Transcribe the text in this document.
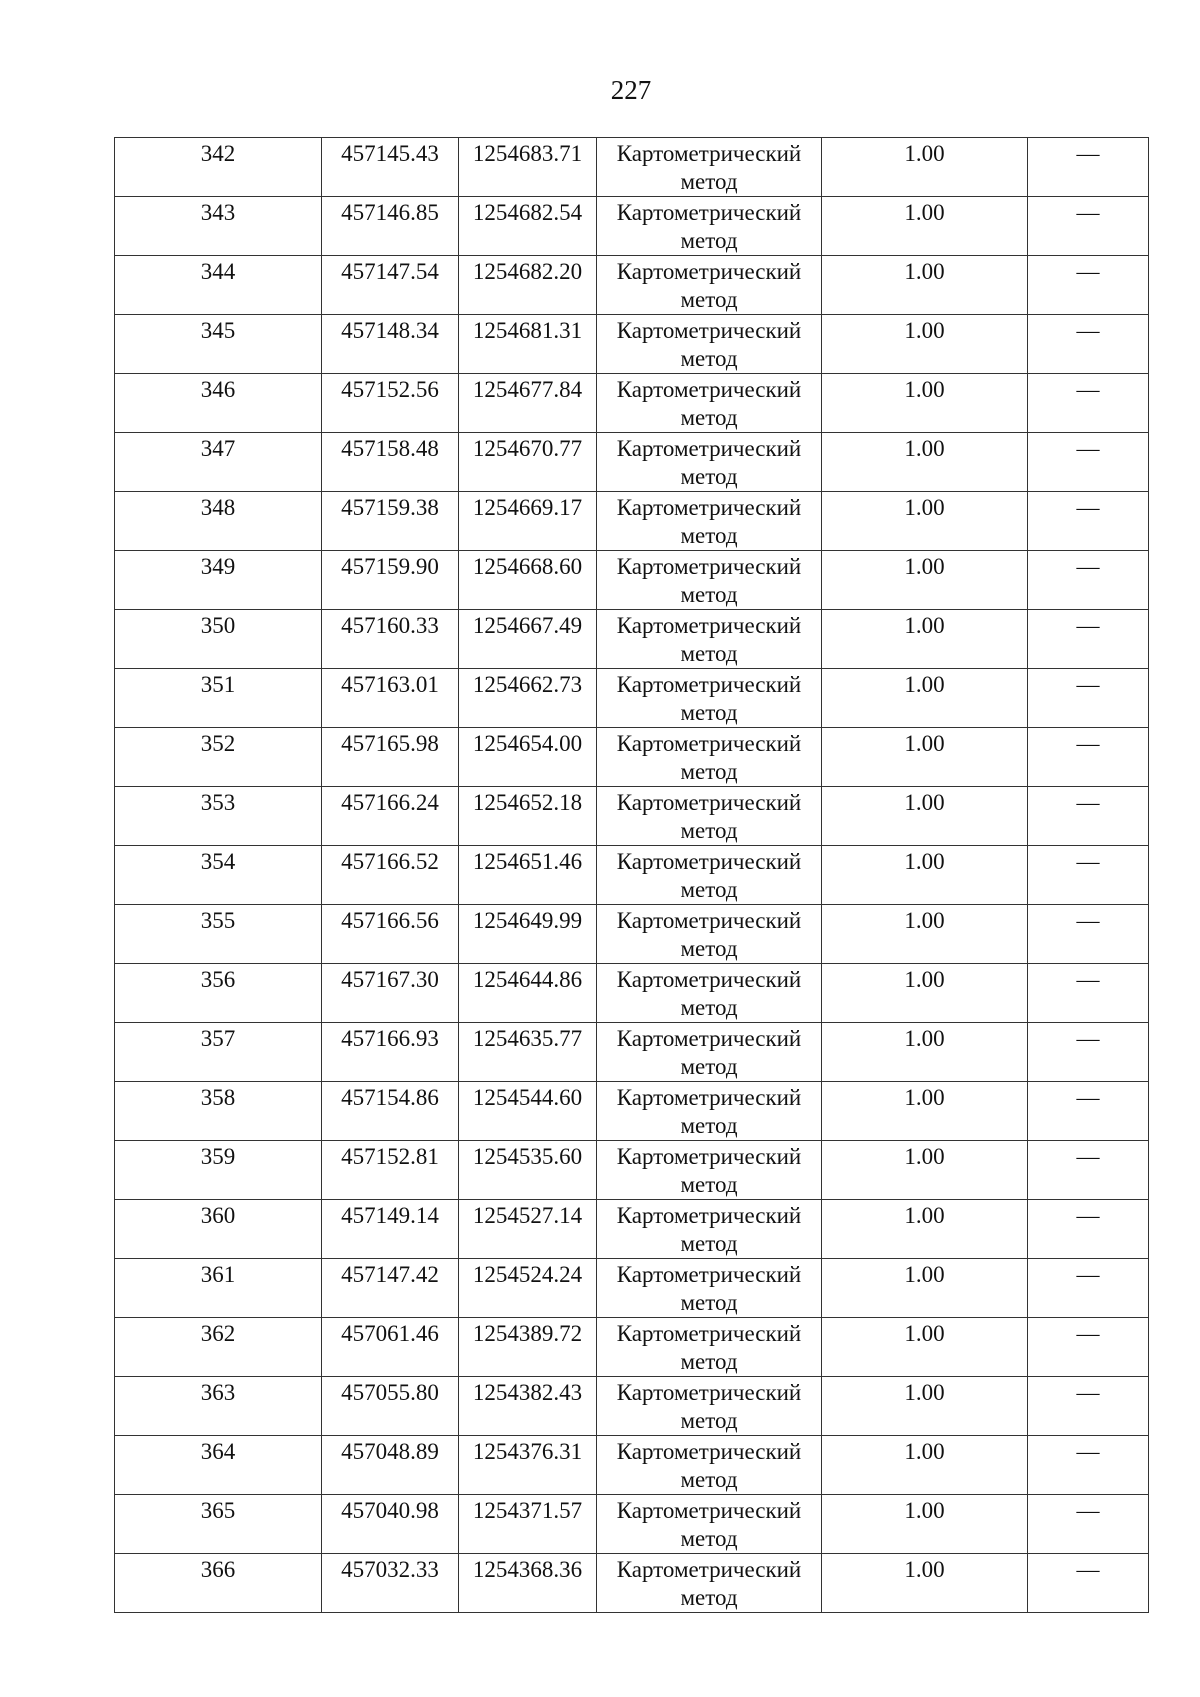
227
342	457145.43	1254683.71	Картометрический метод	1.00	—

343	457146.85	1254682.54	Картометрический метод	1.00	—

344	457147.54	1254682.20	Картометрический метод	1.00	—

345	457148.34	1254681.31	Картометрический метод	1.00	—

346	457152.56	1254677.84	Картометрический метод	1.00	—

347	457158.48	1254670.77	Картометрический метод	1.00	—

348	457159.38	1254669.17	Картометрический метод	1.00	—

349	457159.90	1254668.60	Картометрический метод	1.00	—

350	457160.33	1254667.49	Картометрический метод	1.00	—

351	457163.01	1254662.73	Картометрический метод	1.00	—

352	457165.98	1254654.00	Картометрический метод	1.00	—

353	457166.24	1254652.18	Картометрический метод	1.00	—

354	457166.52	1254651.46	Картометрический метод	1.00	—

355	457166.56	1254649.99	Картометрический метод	1.00	—

356	457167.30	1254644.86	Картометрический метод	1.00	—

357	457166.93	1254635.77	Картометрический метод	1.00	—

358	457154.86	1254544.60	Картометрический метод	1.00	—

359	457152.81	1254535.60	Картометрический метод	1.00	—

360	457149.14	1254527.14	Картометрический метод	1.00	—

361	457147.42	1254524.24	Картометрический метод	1.00	—

362	457061.46	1254389.72	Картометрический метод	1.00	—

363	457055.80	1254382.43	Картометрический метод	1.00	—

364	457048.89	1254376.31	Картометрический метод	1.00	—

365	457040.98	1254371.57	Картометрический метод	1.00	—

366	457032.33	1254368.36	Картометрический метод	1.00	—
